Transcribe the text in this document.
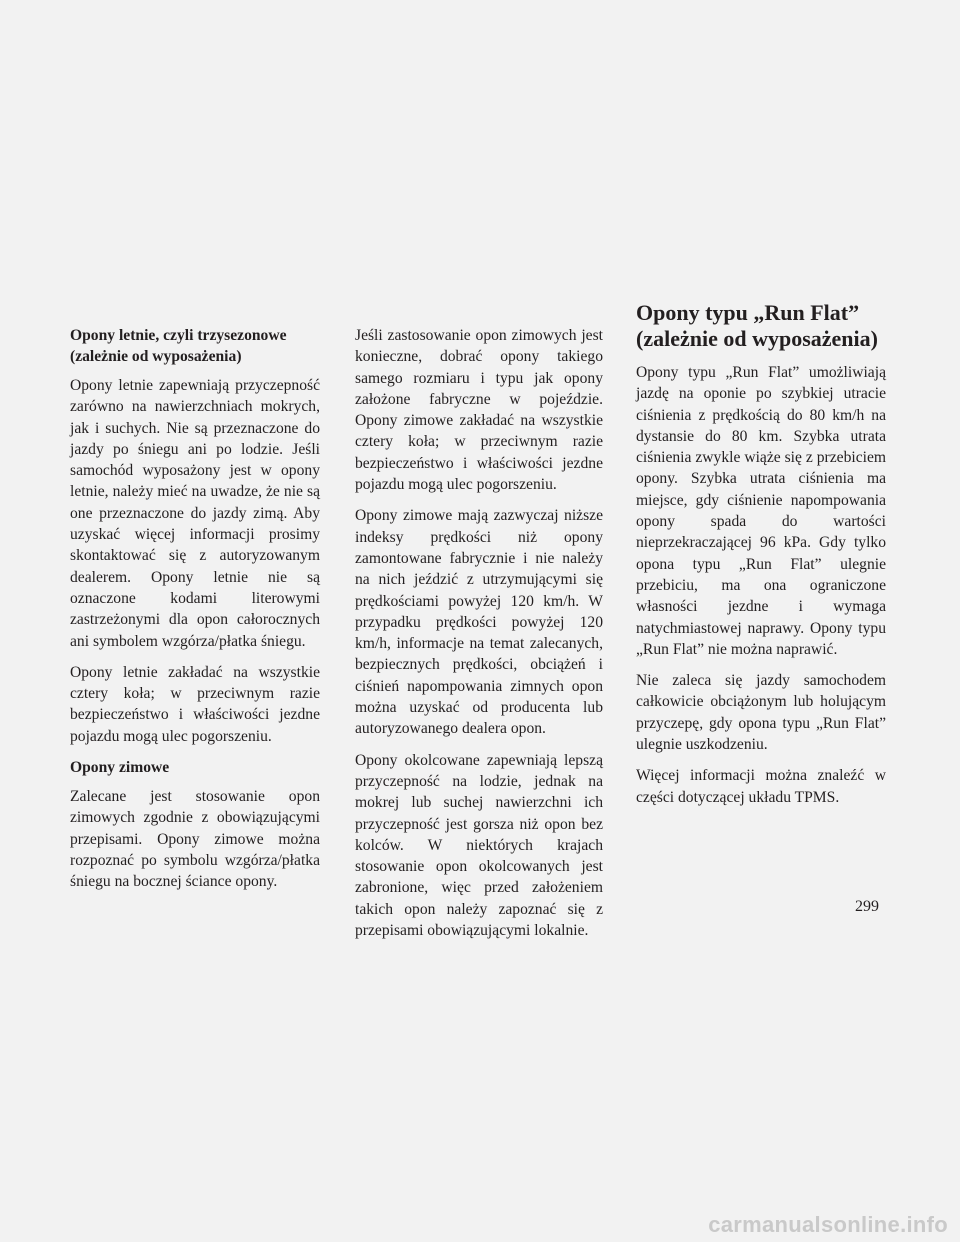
Opony letnie, czyli trzysezonowe
(zależnie od wyposażenia)

Opony letnie zapewniają przyczepność zarówno na nawierzchniach mokrych, jak i suchych. Nie są przeznaczone do jazdy po śniegu ani po lodzie. Jeśli samochód wyposażony jest w opony letnie, należy mieć na uwadze, że nie są one przeznaczone do jazdy zimą. Aby uzyskać więcej informacji prosimy skontaktować się z autoryzowanym dealerem. Opony letnie nie są oznaczone kodami literowymi zastrzeżonymi dla opon całorocznych ani symbolem wzgórza/płatka śniegu.

Opony letnie zakładać na wszystkie cztery koła; w przeciwnym razie bezpieczeństwo i właściwości jezdne pojazdu mogą ulec pogorszeniu.

Opony zimowe

Zalecane jest stosowanie opon zimowych zgodnie z obowiązującymi przepisami. Opony zimowe można rozpoznać po symbolu wzgórza/płatka śniegu na bocznej ściance opony.

Jeśli zastosowanie opon zimowych jest konieczne, dobrać opony takiego samego rozmiaru i typu jak opony założone fabryczne w pojeździe. Opony zimowe zakładać na wszystkie cztery koła; w przeciwnym razie bezpieczeństwo i właściwości jezdne pojazdu mogą ulec pogorszeniu.

Opony zimowe mają zazwyczaj niższe indeksy prędkości niż opony zamontowane fabrycznie i nie należy na nich jeździć z utrzymującymi się prędkościami powyżej 120 km/h. W przypadku prędkości powyżej 120 km/h, informacje na temat zalecanych, bezpiecznych prędkości, obciążeń i ciśnień napompowania zimnych opon można uzyskać od producenta lub autoryzowanego dealera opon.

Opony okolcowane zapewniają lepszą przyczepność na lodzie, jednak na mokrej lub suchej nawierzchni ich przyczepność jest gorsza niż opon bez kolców. W niektórych krajach stosowanie opon okolcowanych jest zabronione, więc przed założeniem takich opon należy zapoznać się z przepisami obowiązującymi lokalnie.

Opony typu „Run Flat”
(zależnie od wyposażenia)

Opony typu „Run Flat” umożliwiają jazdę na oponie po szybkiej utracie ciśnienia z prędkością do 80 km/h na dystansie do 80 km. Szybka utrata ciśnienia zwykle wiąże się z przebiciem opony. Szybka utrata ciśnienia ma miejsce, gdy ciśnienie napompowania opony spada do wartości nieprzekraczającej 96 kPa. Gdy tylko opona typu „Run Flat” ulegnie przebiciu, ma ona ograniczone własności jezdne i wymaga natychmiastowej naprawy. Opony typu „Run Flat” nie można naprawić.

Nie zaleca się jazdy samochodem całkowicie obciążonym lub holującym przyczepę, gdy opona typu „Run Flat” ulegnie uszkodzeniu.

Więcej informacji można znaleźć w części dotyczącej układu TPMS.

299
carmanualsonline.info
